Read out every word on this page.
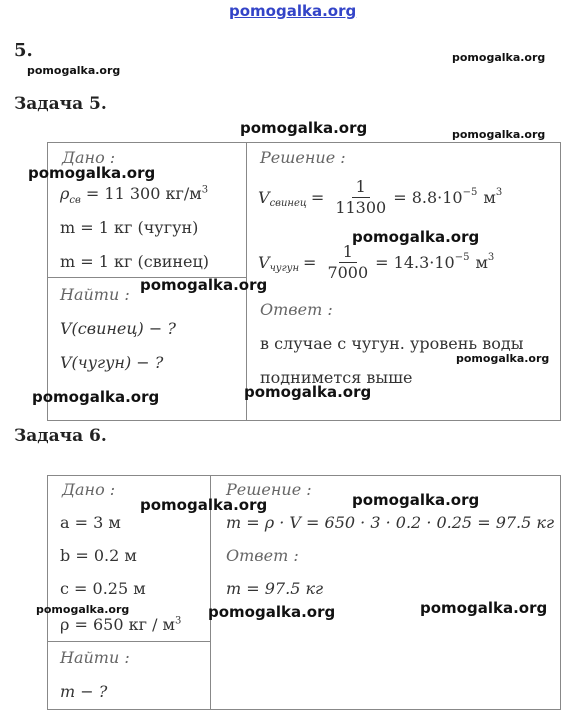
pomogalka.org
5.
pomogalka.org
pomogalka.org
Задача 5.
pomogalka.org	pomogalka.org
Дано :
pomogalka.org
$\rho_{св} = 11$ 300 $кг/м^3$
m = 1 кг (чугун)
m = 1 кг (свинец)
Найти : pomogalka.org
V(свинец) − ?
V(чугун) − ?
pomogalka.org
Решение :
$V_{свинец} = \frac{1}{11300} = 8.8\cdot 10^{-5}$ $м^3$
pomogalka.org
$V_{чугун} = \frac{1}{7000} = 14.3\cdot 10^{-5}$ $м^3$
Ответ :
в случае с чугун. уровень воды
pomogalka.org
поднимется выше
pomogalka.org
Задача 6.
Дано :
pomogalka.org
a = 3 м
b = 0.2 м
c = 0.25 м
pomogalka.org
ρ = 650 кг / $м^3$
Найти :
m − ?
Решение :
pomogalka.org
m = ρ · V = 650 · 3 · 0.2 · 0.25 = 97.5 кг
Ответ :
m = 97.5 кг
pomogalka.org	pomogalka.org
